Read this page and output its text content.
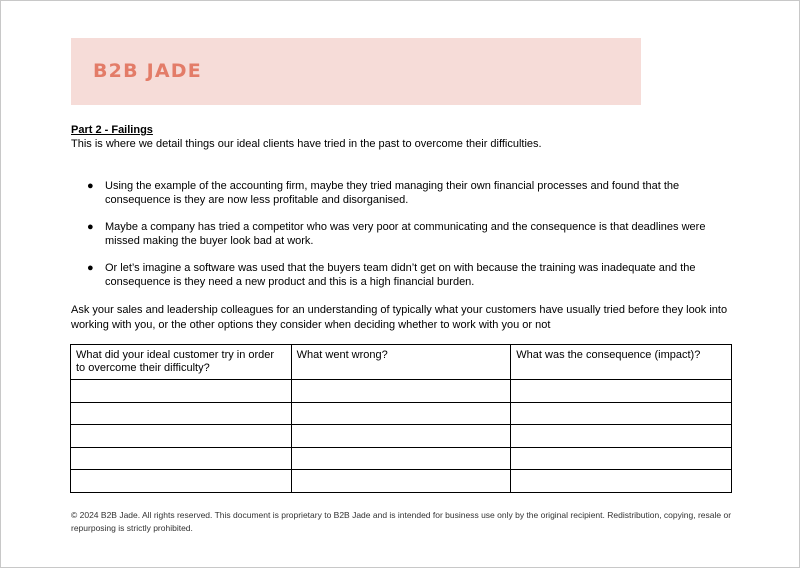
B2B JADE
Part 2 - Failings
This is where we detail things our ideal clients have tried in the past to overcome their difficulties.
● Using the example of the accounting firm, maybe they tried managing their own financial processes and found that the consequence is they are now less profitable and disorganised.
● Maybe a company has tried a competitor who was very poor at communicating and the consequence is that deadlines were missed making the buyer look bad at work.
● Or let’s imagine a software was used that the buyers team didn’t get on with because the training was inadequate and the consequence is they need a new product and this is a high financial burden.
Ask your sales and leadership colleagues for an understanding of typically what your customers have usually tried before they look into working with you, or the other options they consider when deciding whether to work with you or not
What did your ideal customer try in order to overcome their difficulty?	What went wrong?	What was the consequence (impact)?

© 2024 B2B Jade. All rights reserved. This document is proprietary to B2B Jade and is intended for business use only by the original recipient. Redistribution, copying, resale or repurposing is strictly prohibited.
